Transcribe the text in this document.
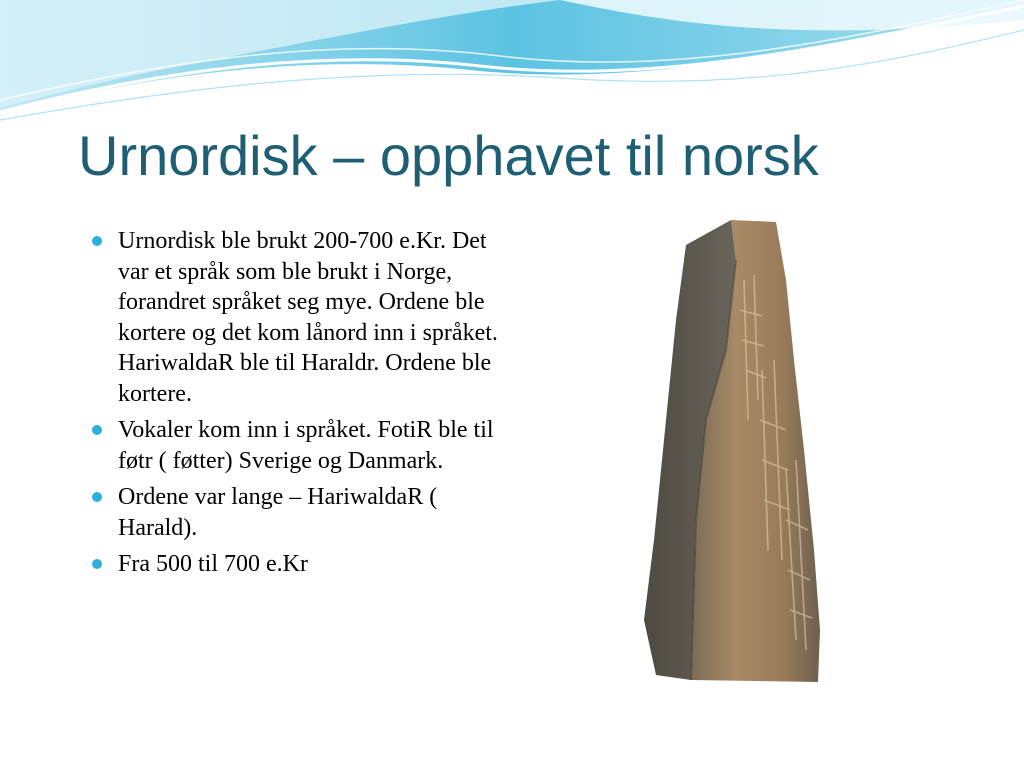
Urnordisk – opphavet til norsk
Urnordisk ble brukt 200-700 e.Kr. Det var et språk som ble brukt i Norge, forandret språket seg mye. Ordene ble kortere og det kom lånord inn i språket. HariwaldaR ble til Haraldr. Ordene ble kortere.
Vokaler kom inn i språket. FotiR ble til føtr ( føtter) Sverige og Danmark.
Ordene var lange – HariwaldaR ( Harald).
Fra 500 til 700 e.Kr
